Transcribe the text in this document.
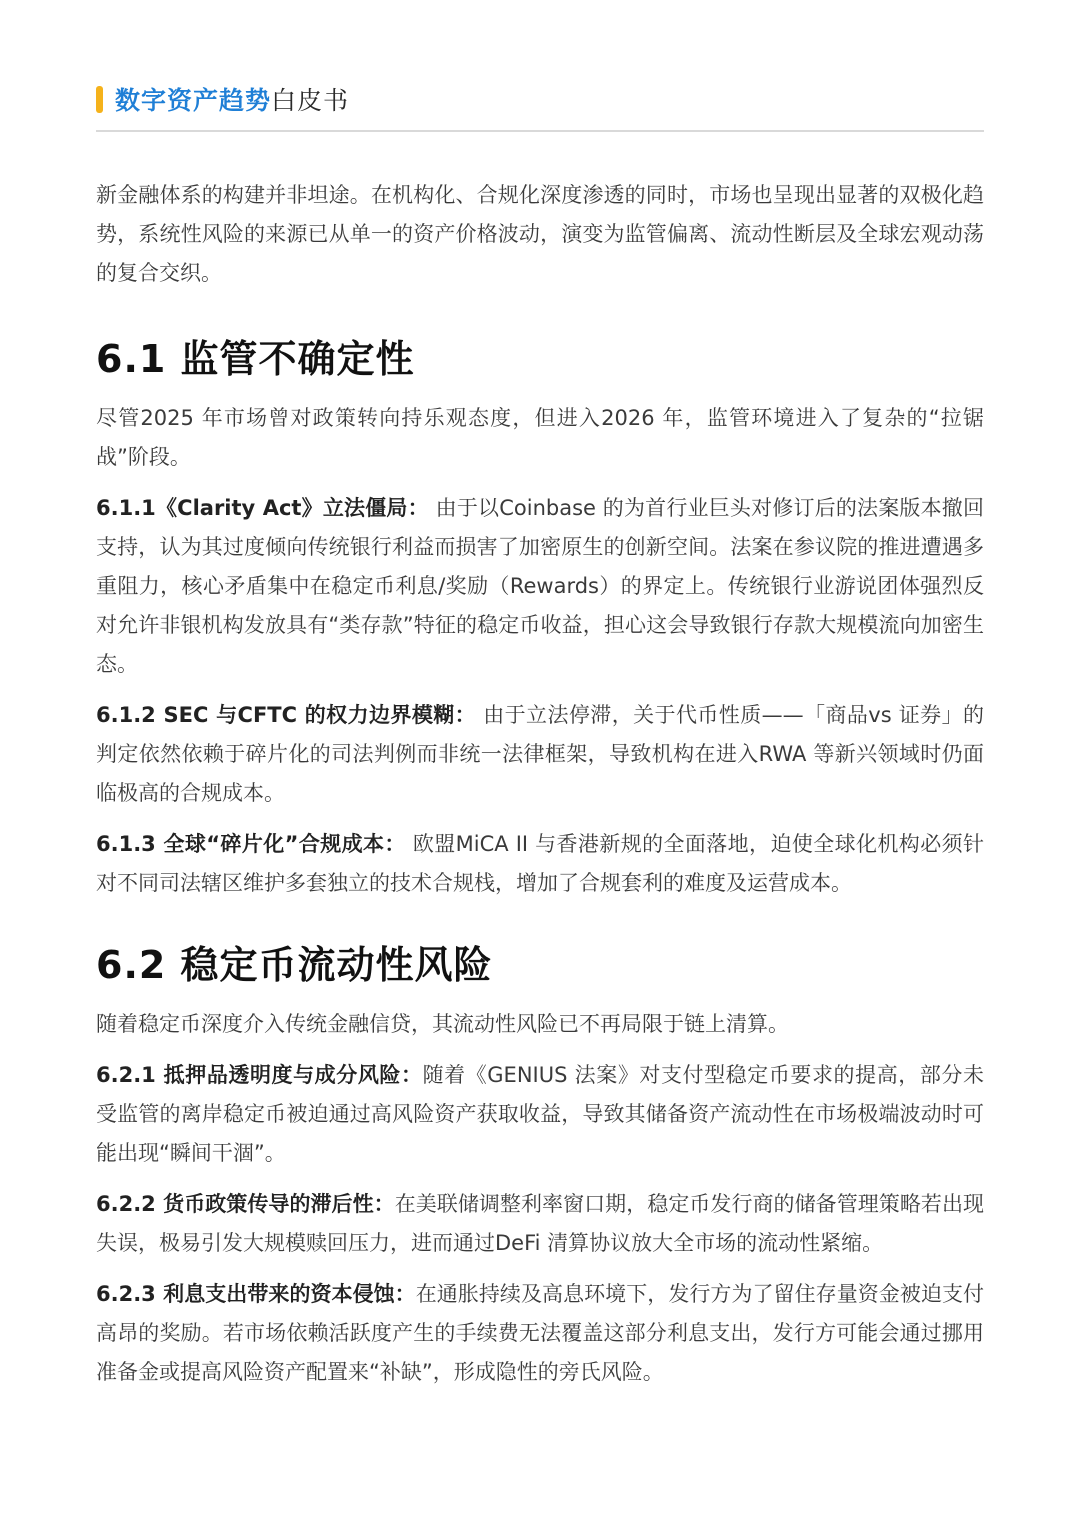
数字资产趋势 白皮书

新金融体系的构建并非坦途。在机构化、合规化深度渗透的同时，市场也呈现出显著的双极化趋势，系统性风险的来源已从单一的资产价格波动，演变为监管偏离、流动性断层及全球宏观动荡的复合交织。

6.1 监管不确定性

尽管2025 年市场曾对政策转向持乐观态度，但进入2026 年，监管环境进入了复杂的“拉锯战”阶段。

6.1.1《Clarity Act》立法僵局： 由于以Coinbase 的为首行业巨头对修订后的法案版本撤回支持，认为其过度倾向传统银行利益而损害了加密原生的创新空间。法案在参议院的推进遭遇多重阻力，核心矛盾集中在稳定币利息/奖励（Rewards）的界定上。传统银行业游说团体强烈反对允许非银机构发放具有“类存款”特征的稳定币收益，担心这会导致银行存款大规模流向加密生态。

6.1.2 SEC 与CFTC 的权力边界模糊： 由于立法停滞，关于代币性质——「商品vs 证券」的判定依然依赖于碎片化的司法判例而非统一法律框架，导致机构在进入RWA 等新兴领域时仍面临极高的合规成本。

6.1.3 全球“碎片化”合规成本： 欧盟MiCA II 与香港新规的全面落地，迫使全球化机构必须针对不同司法辖区维护多套独立的技术合规栈，增加了合规套利的难度及运营成本。

6.2 稳定币流动性风险

随着稳定币深度介入传统金融信贷，其流动性风险已不再局限于链上清算。

6.2.1 抵押品透明度与成分风险：随着《GENIUS 法案》对支付型稳定币要求的提高，部分未受监管的离岸稳定币被迫通过高风险资产获取收益，导致其储备资产流动性在市场极端波动时可能出现“瞬间干涸”。

6.2.2 货币政策传导的滞后性：在美联储调整利率窗口期，稳定币发行商的储备管理策略若出现失误，极易引发大规模赎回压力，进而通过DeFi 清算协议放大全市场的流动性紧缩。

6.2.3 利息支出带来的资本侵蚀：在通胀持续及高息环境下，发行方为了留住存量资金被迫支付高昂的奖励。若市场依赖活跃度产生的手续费无法覆盖这部分利息支出，发行方可能会通过挪用准备金或提高风险资产配置来“补缺”，形成隐性的旁氏风险。
